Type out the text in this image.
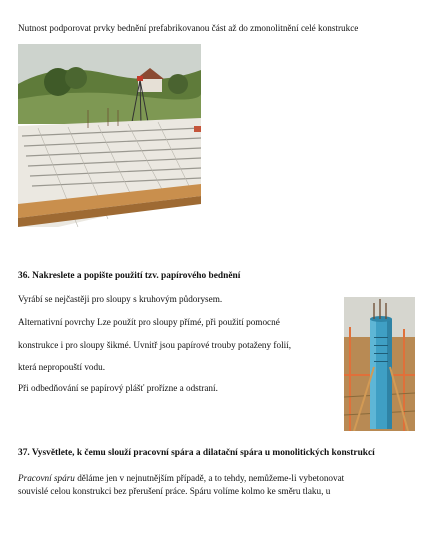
Nutnost podporovat prvky bednění prefabrikovanou část až do zmonolitnění celé konstrukce
36. Nakreslete a popište použití tzv. papírového bednění
Vyrábí se nejčastěji pro sloupy s kruhovým půdorysem.
Alternativní povrchy Lze použít pro sloupy přímé, při použití pomocné
konstrukce i pro sloupy šikmé. Uvnitř jsou papírové trouby potaženy folií,
která nepropouští vodu.
Při odbedňování se papírový plášť prořízne a odstraní.
37. Vysvětlete, k čemu slouží pracovní spára a dilatační spára u monolitických konstrukcí
Pracovní spáru děláme jen v nejnutnějším případě, a to tehdy, nemůžeme-li vybetonovat
souvislé celou konstrukci bez přerušení práce. Spáru volíme kolmo ke směru tlaku, u
